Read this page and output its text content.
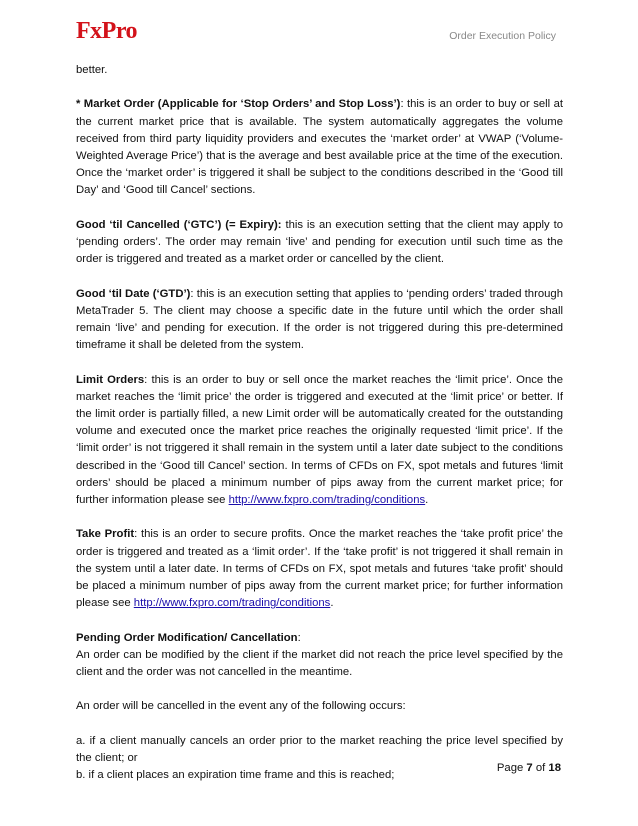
FxPro	Order Execution Policy

better.

* Market Order (Applicable for ‘Stop Orders’ and Stop Loss’): this is an order to buy or sell at the current market price that is available. The system automatically aggregates the volume received from third party liquidity providers and executes the ‘market order’ at VWAP (‘Volume-Weighted Average Price’) that is the average and best available price at the time of the execution. Once the ‘market order’ is triggered it shall be subject to the conditions described in the ‘Good till Day’ and ‘Good till Cancel’ sections.

Good ‘til Cancelled (‘GTC’) (= Expiry): this is an execution setting that the client may apply to ‘pending orders’. The order may remain ‘live’ and pending for execution until such time as the order is triggered and treated as a market order or cancelled by the client.

Good ‘til Date (‘GTD’): this is an execution setting that applies to ‘pending orders’ traded through MetaTrader 5. The client may choose a specific date in the future until which the order shall remain ‘live’ and pending for execution. If the order is not triggered during this pre-determined timeframe it shall be deleted from the system.

Limit Orders: this is an order to buy or sell once the market reaches the ‘limit price’. Once the market reaches the ‘limit price’ the order is triggered and executed at the ‘limit price’ or better. If the limit order is partially filled, a new Limit order will be automatically created for the outstanding volume and executed once the market price reaches the originally requested ‘limit price’. If the ‘limit order’ is not triggered it shall remain in the system until a later date subject to the conditions described in the ‘Good till Cancel’ section. In terms of CFDs on FX, spot metals and futures ‘limit orders’ should be placed a minimum number of pips away from the current market price; for further information please see http://www.fxpro.com/trading/conditions.

Take Profit: this is an order to secure profits. Once the market reaches the ‘take profit price’ the order is triggered and treated as a ‘limit order’. If the ‘take profit’ is not triggered it shall remain in the system until a later date. In terms of CFDs on FX, spot metals and futures ‘take profit’ should be placed a minimum number of pips away from the current market price; for further information please see http://www.fxpro.com/trading/conditions.

Pending Order Modification/ Cancellation:

An order can be modified by the client if the market did not reach the price level specified by the client and the order was not cancelled in the meantime.

An order will be cancelled in the event any of the following occurs:

a. if a client manually cancels an order prior to the market reaching the price level specified by the client; or

b. if a client places an expiration time frame and this is reached;

Page 7 of 18
